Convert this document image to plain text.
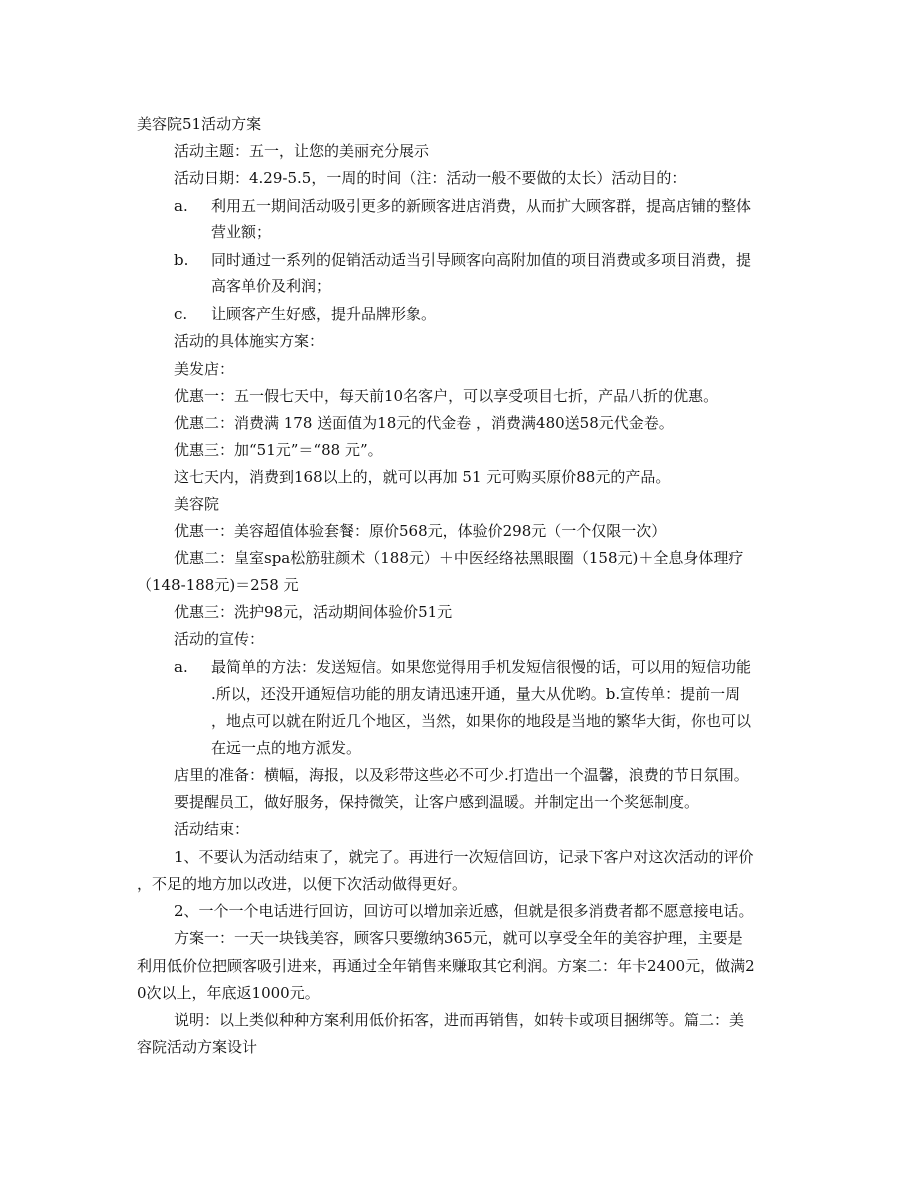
美容院51活动方案
活动主题：五一，让您的美丽充分展示
活动日期：4.29-5.5，一周的时间（注：活动一般不要做的太长）活动目的：
a. 利用五一期间活动吸引更多的新顾客进店消费，从而扩大顾客群，提高店铺的整体
营业额；
b. 同时通过一系列的促销活动适当引导顾客向高附加值的项目消费或多项目消费，提
高客单价及利润；
c. 让顾客产生好感，提升品牌形象。
活动的具体施实方案：
美发店：
优惠一：五一假七天中，每天前10名客户，可以享受项目七折，产品八折的优惠。
优惠二：消费满 178 送面值为18元的代金卷 ，消费满480送58元代金卷。
优惠三：加“51元”＝“88 元”。
这七天内，消费到168以上的，就可以再加 51 元可购买原价88元的产品。
美容院
优惠一：美容超值体验套餐：原价568元，体验价298元（一个仅限一次）
优惠二：皇室spa松筋驻颜术（188元）＋中医经络祛黑眼圈（158元)＋全息身体理疗
（148-188元)＝258 元
优惠三：洗护98元，活动期间体验价51元
活动的宣传：
a. 最简单的方法：发送短信。如果您觉得用手机发短信很慢的话，可以用的短信功能
.所以，还没开通短信功能的朋友请迅速开通，量大从优哟。b.宣传单：提前一周
，地点可以就在附近几个地区，当然，如果你的地段是当地的繁华大街，你也可以
在远一点的地方派发。
店里的准备：横幅，海报，以及彩带这些必不可少.打造出一个温馨，浪费的节日氛围。
要提醒员工，做好服务，保持微笑，让客户感到温暖。并制定出一个奖惩制度。
活动结束：
1、不要认为活动结束了，就完了。再进行一次短信回访，记录下客户对这次活动的评价
，不足的地方加以改进，以便下次活动做得更好。
2、一个一个电话进行回访，回访可以增加亲近感，但就是很多消费者都不愿意接电话。
方案一：一天一块钱美容，顾客只要缴纳365元，就可以享受全年的美容护理，主要是
利用低价位把顾客吸引进来，再通过全年销售来赚取其它利润。方案二：年卡2400元，做满2
0次以上，年底返1000元。
说明：以上类似种种方案利用低价拓客，进而再销售，如转卡或项目捆绑等。篇二：美
容院活动方案设计
